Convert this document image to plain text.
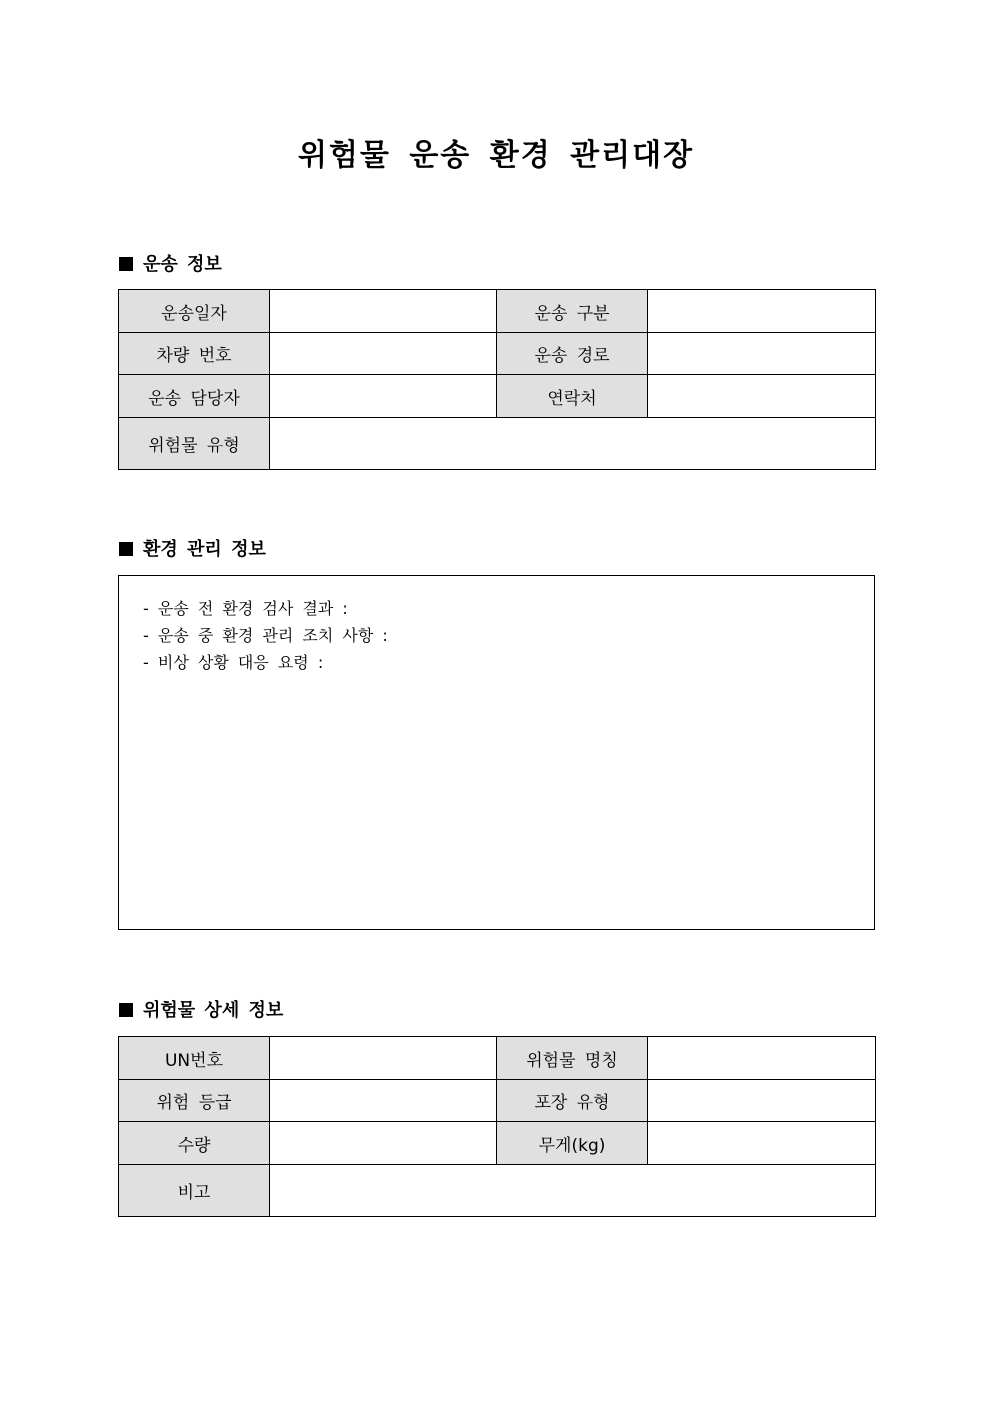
위험물 운송 환경 관리대장
운송 정보
운송일자		운송 구분	
차량 번호		운송 경로	
운송 담당자		연락처	
위험물 유형			
환경 관리 정보
- 운송 전 환경 검사 결과 :
- 운송 중 환경 관리 조치 사항 :
- 비상 상황 대응 요령 :
위험물 상세 정보
UN번호		위험물 명칭	
위험 등급		포장 유형	
수량		무게(kg)	
비고			
